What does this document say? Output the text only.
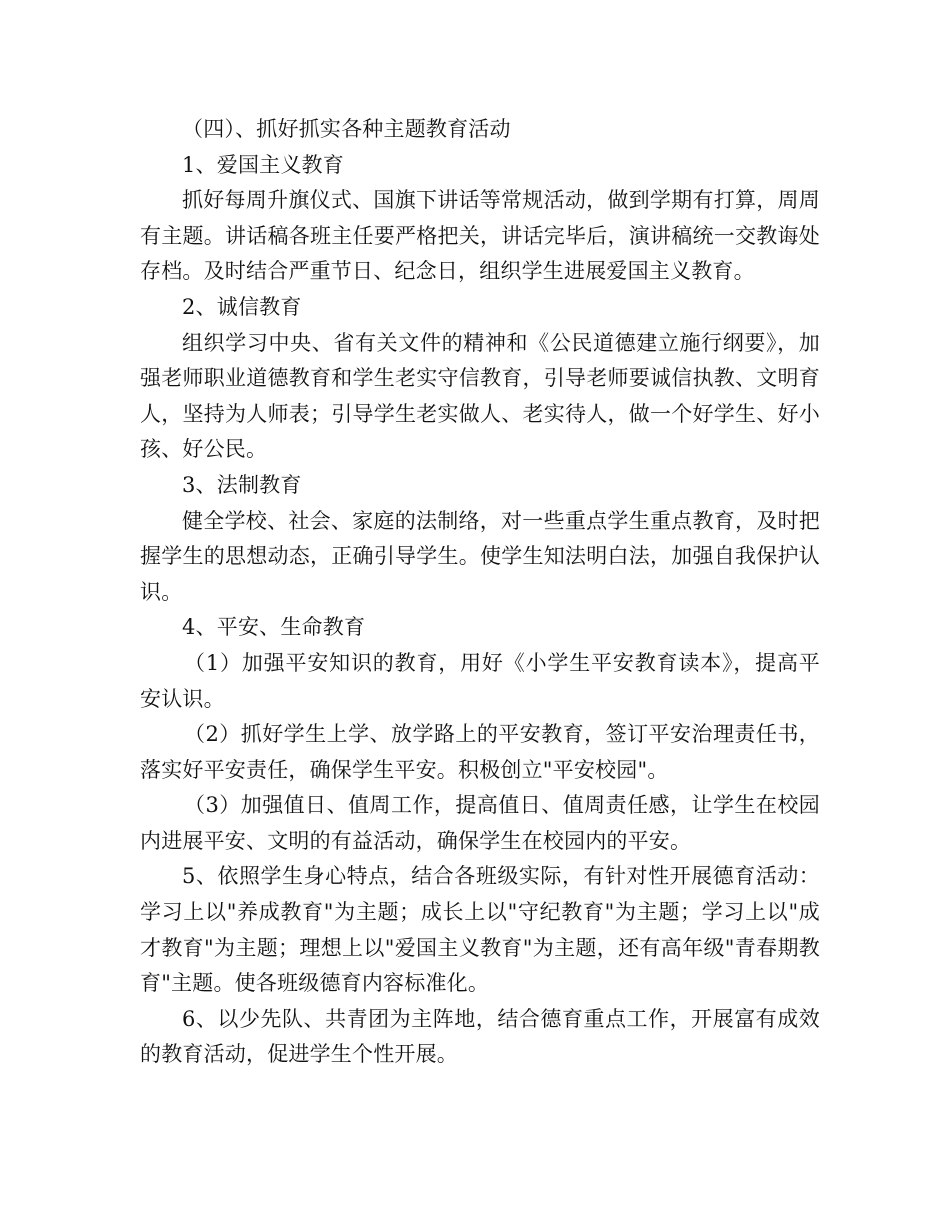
（四）、抓好抓实各种主题教育活动

1、爱国主义教育

抓好每周升旗仪式、国旗下讲话等常规活动，做到学期有打算，周周有主题。讲话稿各班主任要严格把关，讲话完毕后，演讲稿统一交教诲处存档。及时结合严重节日、纪念日，组织学生进展爱国主义教育。

2、诚信教育

组织学习中央、省有关文件的精神和《公民道德建立施行纲要》，加强老师职业道德教育和学生老实守信教育，引导老师要诚信执教、文明育人，坚持为人师表；引导学生老实做人、老实待人，做一个好学生、好小孩、好公民。

3、法制教育

健全学校、社会、家庭的法制络，对一些重点学生重点教育，及时把握学生的思想动态，正确引导学生。使学生知法明白法，加强自我保护认识。

4、平安、生命教育

（1）加强平安知识的教育，用好《小学生平安教育读本》，提高平安认识。

（2）抓好学生上学、放学路上的平安教育，签订平安治理责任书，落实好平安责任，确保学生平安。积极创立"平安校园"。

（3）加强值日、值周工作，提高值日、值周责任感，让学生在校园内进展平安、文明的有益活动，确保学生在校园内的平安。

5、依照学生身心特点，结合各班级实际，有针对性开展德育活动：学习上以"养成教育"为主题；成长上以"守纪教育"为主题；学习上以"成才教育"为主题；理想上以"爱国主义教育"为主题，还有高年级"青春期教育"主题。使各班级德育内容标准化。

6、以少先队、共青团为主阵地，结合德育重点工作，开展富有成效的教育活动，促进学生个性开展。
